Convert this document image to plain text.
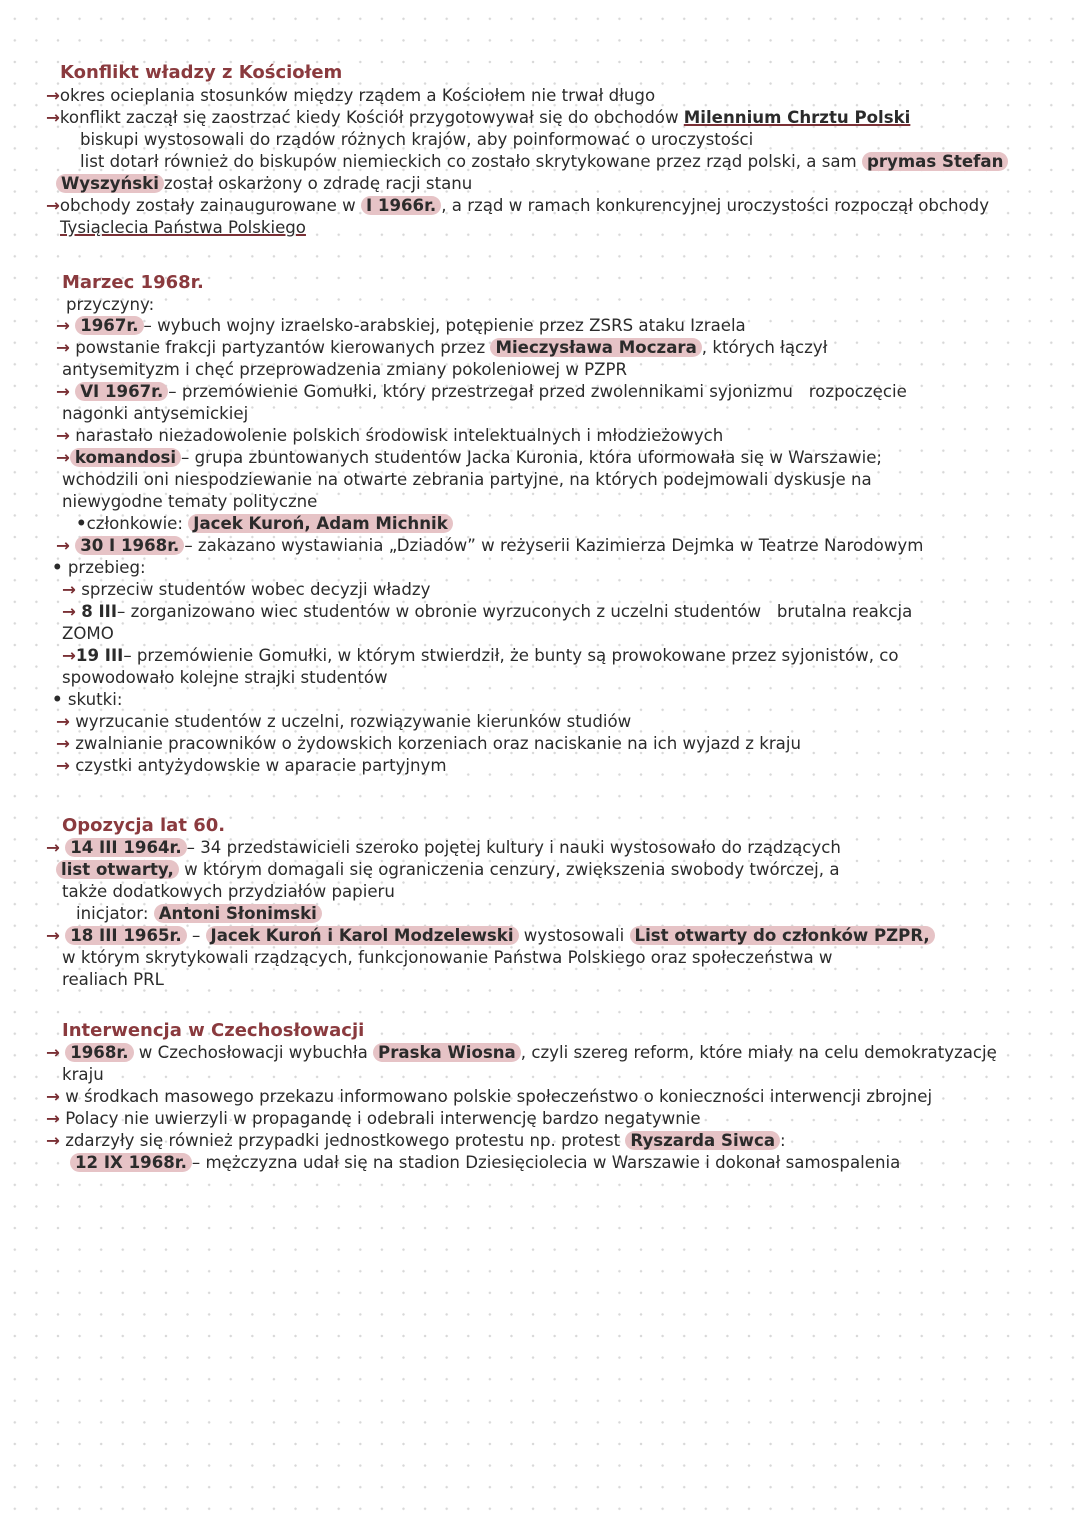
Konflikt władzy z Kościołem
→okres ocieplania stosunków między rządem a Kościołem nie trwał długo
→konflikt zaczął się zaostrzać kiedy Kościół przygotowywał się do obchodów Milennium Chrztu Polski
biskupi wystosowali do rządów różnych krajów, aby poinformować o uroczystości
list dotarł również do biskupów niemieckich co zostało skrytykowane przez rząd polski, a sam prymas Stefan
Wyszyński został oskarżony o zdradę racji stanu
→obchody zostały zainaugurowane w I 1966r. , a rząd w ramach konkurencyjnej uroczystości rozpoczął obchody
Tysiąclecia Państwa Polskiego
Marzec 1968r.
przyczyny:
→ 1967r. – wybuch wojny izraelsko-arabskiej, potępienie przez ZSRS ataku Izraela
→ powstanie frakcji partyzantów kierowanych przez Mieczysława Moczara , których łączył
antysemityzm i chęć przeprowadzenia zmiany pokoleniowej w PZPR
→ VI 1967r. – przemówienie Gomułki, który przestrzegał przed zwolennikami syjonizmu rozpoczęcie
nagonki antysemickiej
→ narastało niezadowolenie polskich środowisk intelektualnych i młodzieżowych
→ komandosi – grupa zbuntowanych studentów Jacka Kuronia, która uformowała się w Warszawie;
wchodzili oni niespodziewanie na otwarte zebrania partyjne, na których podejmowali dyskusje na
niewygodne tematy polityczne
•członkowie: Jacek Kuroń, Adam Michnik
→ 30 I 1968r. – zakazano wystawiania „Dziadów” w reżyserii Kazimierza Dejmka w Teatrze Narodowym
• przebieg:
→ sprzeciw studentów wobec decyzji władzy
→ 8 III– zorganizowano wiec studentów w obronie wyrzuconych z uczelni studentów brutalna reakcja
ZOMO
→19 III– przemówienie Gomułki, w którym stwierdził, że bunty są prowokowane przez syjonistów, co
spowodowało kolejne strajki studentów
• skutki:
→ wyrzucanie studentów z uczelni, rozwiązywanie kierunków studiów
→ zwalnianie pracowników o żydowskich korzeniach oraz naciskanie na ich wyjazd z kraju
→ czystki antyżydowskie w aparacie partyjnym
Opozycja lat 60.
→ 14 III 1964r. – 34 przedstawicieli szeroko pojętej kultury i nauki wystosowało do rządzących
list otwarty, w którym domagali się ograniczenia cenzury, zwiększenia swobody twórczej, a
także dodatkowych przydziałów papieru
inicjator: Antoni Słonimski
→ 18 III 1965r. – Jacek Kuroń i Karol Modzelewski wystosowali List otwarty do członków PZPR,
w którym skrytykowali rządzących, funkcjonowanie Państwa Polskiego oraz społeczeństwa w
realiach PRL
Interwencja w Czechosłowacji
→ 1968r. w Czechosłowacji wybuchła Praska Wiosna , czyli szereg reform, które miały na celu demokratyzację
kraju
→ w środkach masowego przekazu informowano polskie społeczeństwo o konieczności interwencji zbrojnej
→ Polacy nie uwierzyli w propagandę i odebrali interwencję bardzo negatywnie
→ zdarzyły się również przypadki jednostkowego protestu np. protest Ryszarda Siwca :
12 IX 1968r. – mężczyzna udał się na stadion Dziesięciolecia w Warszawie i dokonał samospalenia
